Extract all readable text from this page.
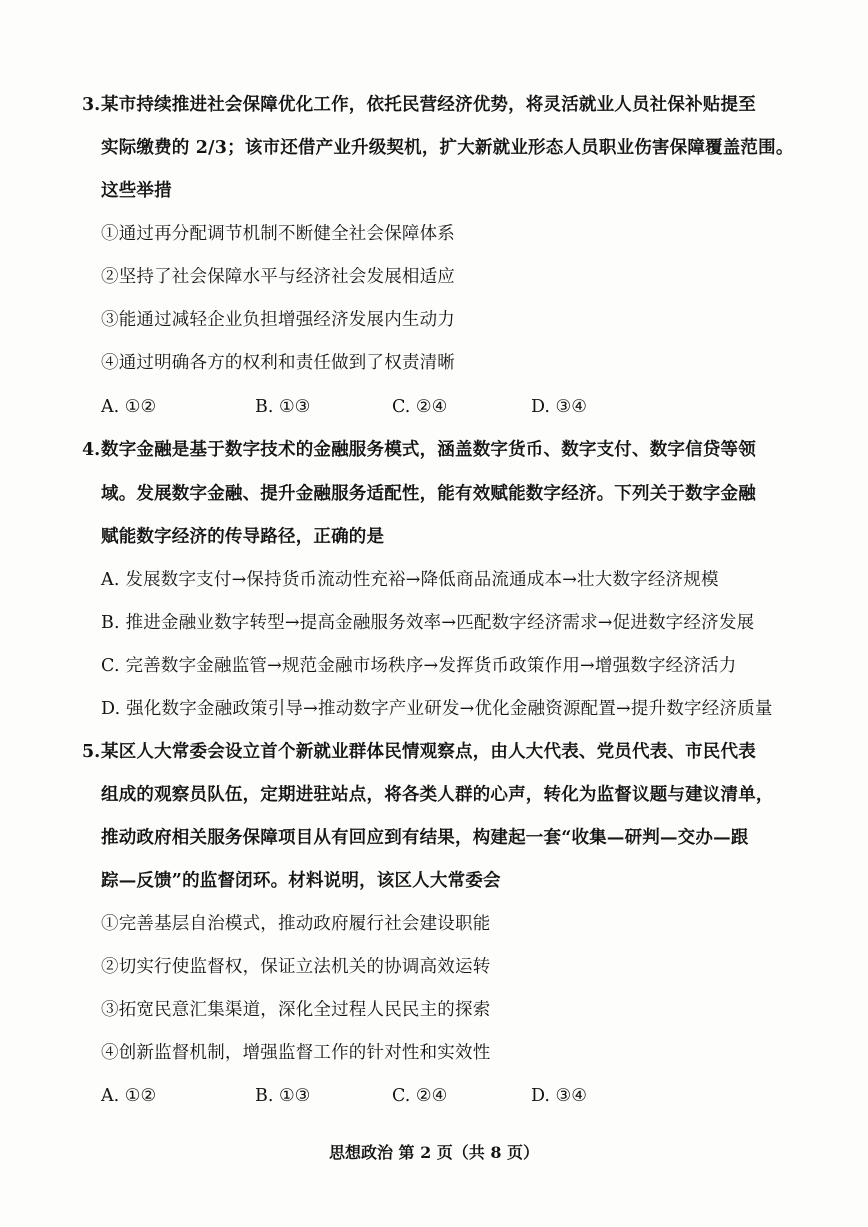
3. 某市持续推进社会保障优化工作，依托民营经济优势，将灵活就业人员社保补贴提至
实际缴费的 2/3；该市还借产业升级契机，扩大新就业形态人员职业伤害保障覆盖范围。
这些举措
①通过再分配调节机制不断健全社会保障体系
②坚持了社会保障水平与经济社会发展相适应
③能通过减轻企业负担增强经济发展内生动力
④通过明确各方的权利和责任做到了权责清晰
A. ①②	B. ①③	C. ②④	D. ③④
4. 数字金融是基于数字技术的金融服务模式，涵盖数字货币、数字支付、数字信贷等领
域。发展数字金融、提升金融服务适配性，能有效赋能数字经济。下列关于数字金融
赋能数字经济的传导路径，正确的是
A. 发展数字支付→保持货币流动性充裕→降低商品流通成本→壮大数字经济规模
B. 推进金融业数字转型→提高金融服务效率→匹配数字经济需求→促进数字经济发展
C. 完善数字金融监管→规范金融市场秩序→发挥货币政策作用→增强数字经济活力
D. 强化数字金融政策引导→推动数字产业研发→优化金融资源配置→提升数字经济质量
5. 某区人大常委会设立首个新就业群体民情观察点，由人大代表、党员代表、市民代表
组成的观察员队伍，定期进驻站点，将各类人群的心声，转化为监督议题与建议清单，
推动政府相关服务保障项目从有回应到有结果，构建起一套“收集—研判—交办—跟
踪—反馈”的监督闭环。材料说明，该区人大常委会
①完善基层自治模式，推动政府履行社会建设职能
②切实行使监督权，保证立法机关的协调高效运转
③拓宽民意汇集渠道，深化全过程人民民主的探索
④创新监督机制，增强监督工作的针对性和实效性
A. ①②	B. ①③	C. ②④	D. ③④
思想政治 第 2 页（共 8 页）
